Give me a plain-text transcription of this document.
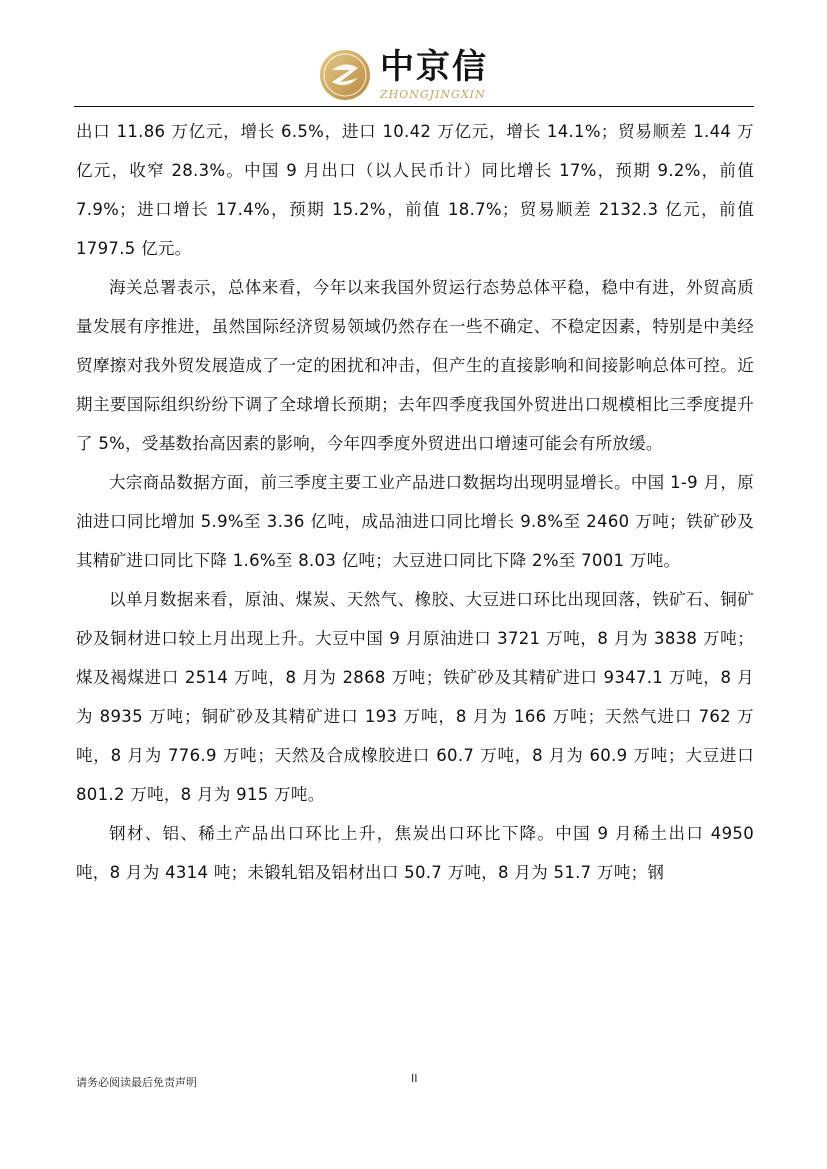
中京信
ZHONGJINGXIN

出口 11.86 万亿元，增长 6.5%，进口 10.42 万亿元，增长 14.1%；贸易顺差 1.44 万亿元，收窄 28.3%。中国 9 月出口（以人民币计）同比增长 17%，预期 9.2%，前值 7.9%；进口增长 17.4%，预期 15.2%，前值 18.7%；贸易顺差 2132.3 亿元，前值 1797.5 亿元。

海关总署表示，总体来看，今年以来我国外贸运行态势总体平稳，稳中有进，外贸高质量发展有序推进，虽然国际经济贸易领域仍然存在一些不确定、不稳定因素，特别是中美经贸摩擦对我外贸发展造成了一定的困扰和冲击，但产生的直接影响和间接影响总体可控。近期主要国际组织纷纷下调了全球增长预期；去年四季度我国外贸进出口规模相比三季度提升了 5%，受基数抬高因素的影响，今年四季度外贸进出口增速可能会有所放缓。

大宗商品数据方面，前三季度主要工业产品进口数据均出现明显增长。中国 1-9 月，原油进口同比增加 5.9%至 3.36 亿吨，成品油进口同比增长 9.8%至 2460 万吨；铁矿砂及其精矿进口同比下降 1.6%至 8.03 亿吨；大豆进口同比下降 2%至 7001 万吨。

以单月数据来看，原油、煤炭、天然气、橡胶、大豆进口环比出现回落，铁矿石、铜矿砂及铜材进口较上月出现上升。大豆中国 9 月原油进口 3721 万吨，8 月为 3838 万吨；煤及褐煤进口 2514 万吨，8 月为 2868 万吨；铁矿砂及其精矿进口 9347.1 万吨，8 月为 8935 万吨；铜矿砂及其精矿进口 193 万吨，8 月为 166 万吨；天然气进口 762 万吨，8 月为 776.9 万吨；天然及合成橡胶进口 60.7 万吨，8 月为 60.9 万吨；大豆进口 801.2 万吨，8 月为 915 万吨。

钢材、铝、稀土产品出口环比上升，焦炭出口环比下降。中国 9 月稀土出口 4950 吨，8 月为 4314 吨；未锻轧铝及铝材出口 50.7 万吨，8 月为 51.7 万吨；钢

请务必阅读最后免责声明	II
